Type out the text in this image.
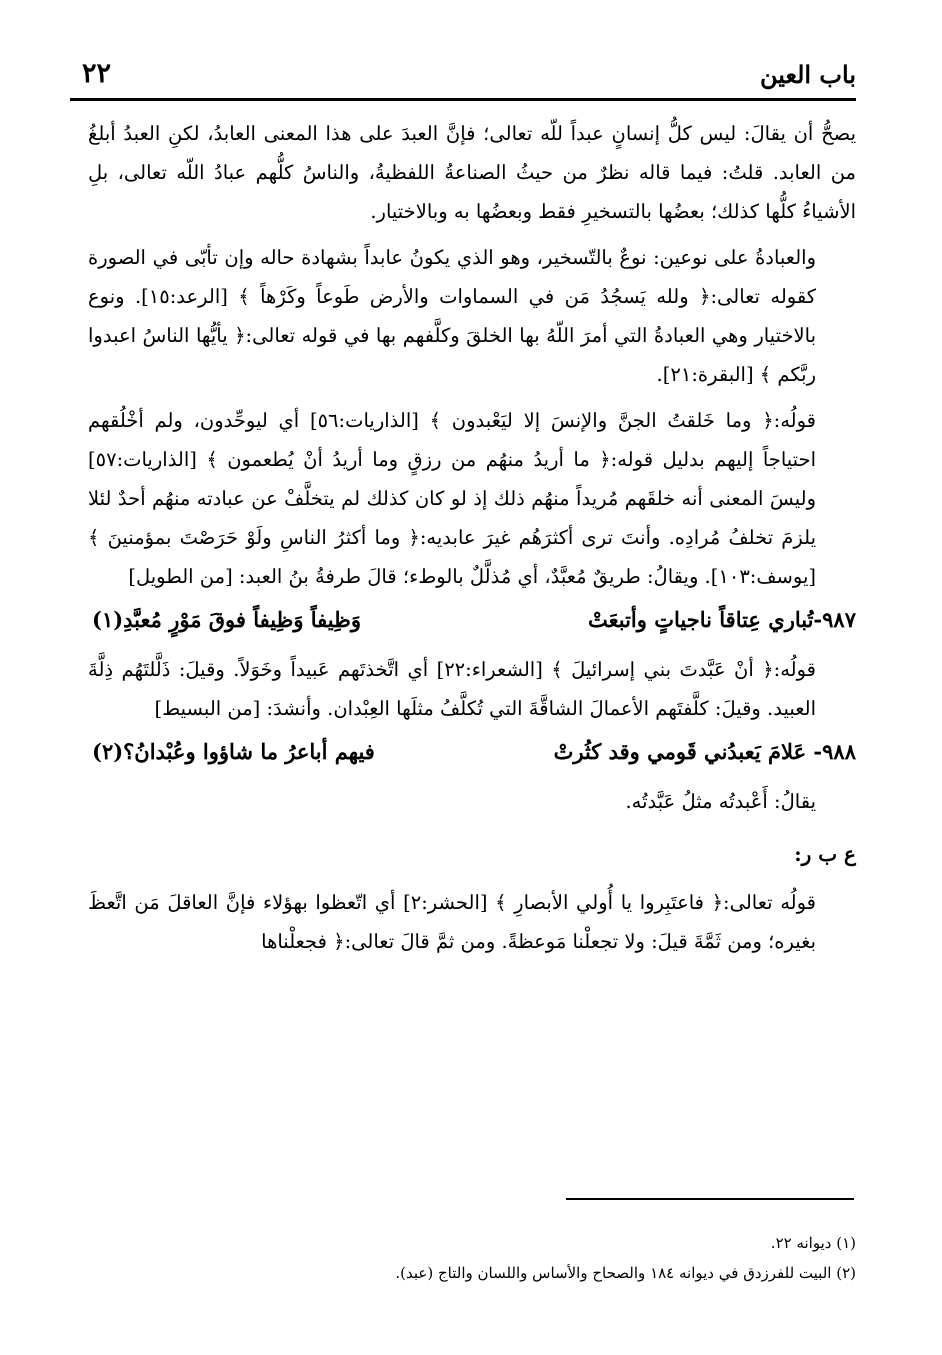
باب العين
٢٢

يصحُّ أن يقالَ: ليس كلُّ إنسانٍ عبداً للّه تعالى؛ فإنَّ العبدَ على هذا المعنى العابدُ، لكنِ العبدُ أبلغُ من العابد. قلتُ: فيما قاله نظرٌ من حيثُ الصناعةُ اللفظيةُ، والناسُ كلُّهم عبادُ اللّه تعالى، بلِ الأشياءُ كلُّها كذلك؛ بعضُها بالتسخيرِ فقط وبعضُها به وبالاختيار.

والعبادةُ على نوعين: نوعٌ بالتّسخير، وهو الذي يكونُ عابداً بشهادة حاله وإن تأبّى في الصورة كقوله تعالى:﴿ ولله يَسجُدُ مَن في السماوات والأرض طَوعاً وكَرْهاً ﴾ [الرعد:١٥]. ونوع بالاختيار وهي العبادةُ التي أمرَ اللّهُ بها الخلقَ وكلَّفهم بها في قوله تعالى:﴿ يأيُّها الناسُ اعبدوا ربَّكم ﴾ [البقرة:٢١].

قولُه:﴿ وما خَلقتُ الجنَّ والإنسَ إلا ليَعْبدون ﴾ [الذاريات:٥٦] أي ليوحِّدون، ولم أخْلُقهم احتياجاً إليهم بدليل قوله:﴿ ما أريدُ منهُم من رزقٍ وما أريدُ أنْ يُطعمون ﴾ [الذاريات:٥٧] وليسَ المعنى أنه خلقَهم مُريداً منهُم ذلك إذ لو كان كذلك لم يتخلَّفْ عن عبادته منهُم أحدٌ لئلا يلزمَ تخلفُ مُرادِه. وأنتَ ترى أكثرَهُم غيرَ عابديه:﴿ وما أكثرُ الناسِ ولَوْ حَرَصْتَ بمؤمنينَ ﴾ [يوسف:١٠٣]. ويقالُ: طريقٌ مُعبَّدٌ، أي مُذلَّلٌ بالوطء؛ قالَ طرفةُ بنُ العبد: [من الطويل]

٩٨٧-تُباري عِتاقاً ناجياتٍ وأتبعَتْ
وَظِيفاً وَظِيفاً فوقَ مَوْرٍ مُعبَّدِ(١)

قولُه:﴿ أنْ عَبَّدتَ بني إسرائيلَ ﴾ [الشعراء:٢٢] أي اتَّخذتَهم عَبيداً وخَوَلاً. وقيلَ: ذَلَّلتَهُم ذِلَّةَ العبيد. وقيلَ: كلَّفتَهم الأعمالَ الشاقَّةَ التي تُكلَّفُ مثلَها العِبْدان. وأنشدَ: [من البسيط]

٩٨٨- عَلامَ يَعبدُني قَومي وقد كثُرتْ
فيهم أباعرُ ما شاؤوا وعُبْدانُ؟(٢)

يقالُ: أَعْبدتُه مثلُ عَبَّدتُه.

ع ب ر:

قولُه تعالى:﴿ فاعتَبِروا يا أُولي الأبصارِ ﴾ [الحشر:٢] أي اتّعظوا بهؤلاء فإنَّ العاقلَ مَن اتَّعظَ بغيره؛ ومن ثَمَّةَ قيلَ: ولا تجعلْنا مَوعظةً. ومن ثمَّ قالَ تعالى:﴿ فجعلْناها

(١) ديوانه ٢٢.

(٢) البيت للفرزدق في ديوانه ١٨٤ والصحاح والأساس واللسان والتاج (عبد).
